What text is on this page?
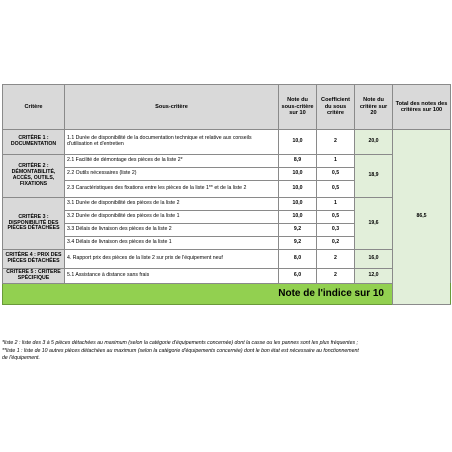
Critère	Sous-critère	Note du sous-critère sur 10	Coefficient du sous critère	Note du critère sur 20	Total des notes des critères sur 100	
CRITÈRE 1 : DOCUMENTATION	1.1 Durée de disponibilité de la documentation technique et relative aux conseils d'utilisation et d'entretien	10,0	2	20,0	86,5	
CRITÈRE 2 : DÉMONTABILITÉ, ACCÈS, OUTILS, FIXATIONS	2.1 Facilité de démontage des pièces de la liste 2*	8,9	1	18,9		
	2.2 Outils nécessaires (liste 2)	10,0	0,5			
	2.3 Caractéristiques des fixations entre les pièces de la liste 1** et de la liste 2	10,0	0,5			
CRITÈRE 3 : DISPONIBILITÉ DES PIÈCES DÉTACHÉES	3.1 Durée de disponibilité des pièces de la liste 2	10,0	1	19,6		
	3.2 Durée de disponibilité des pièces de la liste 1	10,0	0,5			
	3.3 Délais de livraison des pièces de la liste 2	9,2	0,3			
	3.4 Délais de livraison des pièces de la liste 1	9,2	0,2			
CRITÈRE 4 : PRIX DES PIÈCES DÉTACHÉES	4. Rapport prix des pièces de la liste 2 sur prix de l'équipement neuf	8,0	2	16,0		
CRITÈRE 5 : CRITÈRE SPÉCIFIQUE	5.1 Assistance à distance sans frais	6,0	2	12,0		
Note de l'indice sur 10	
*liste 2 : liste des 3 à 5 pièces détachées au maximum (selon la catégorie d'équipements concernée) dont la casse ou les pannes sont les plus fréquentes ;
**liste 1 : liste de 10 autres pièces détachées au maximum (selon la catégorie d'équipements concernée) dont le bon état est nécessaire au fonctionnement
de l'équipement.
